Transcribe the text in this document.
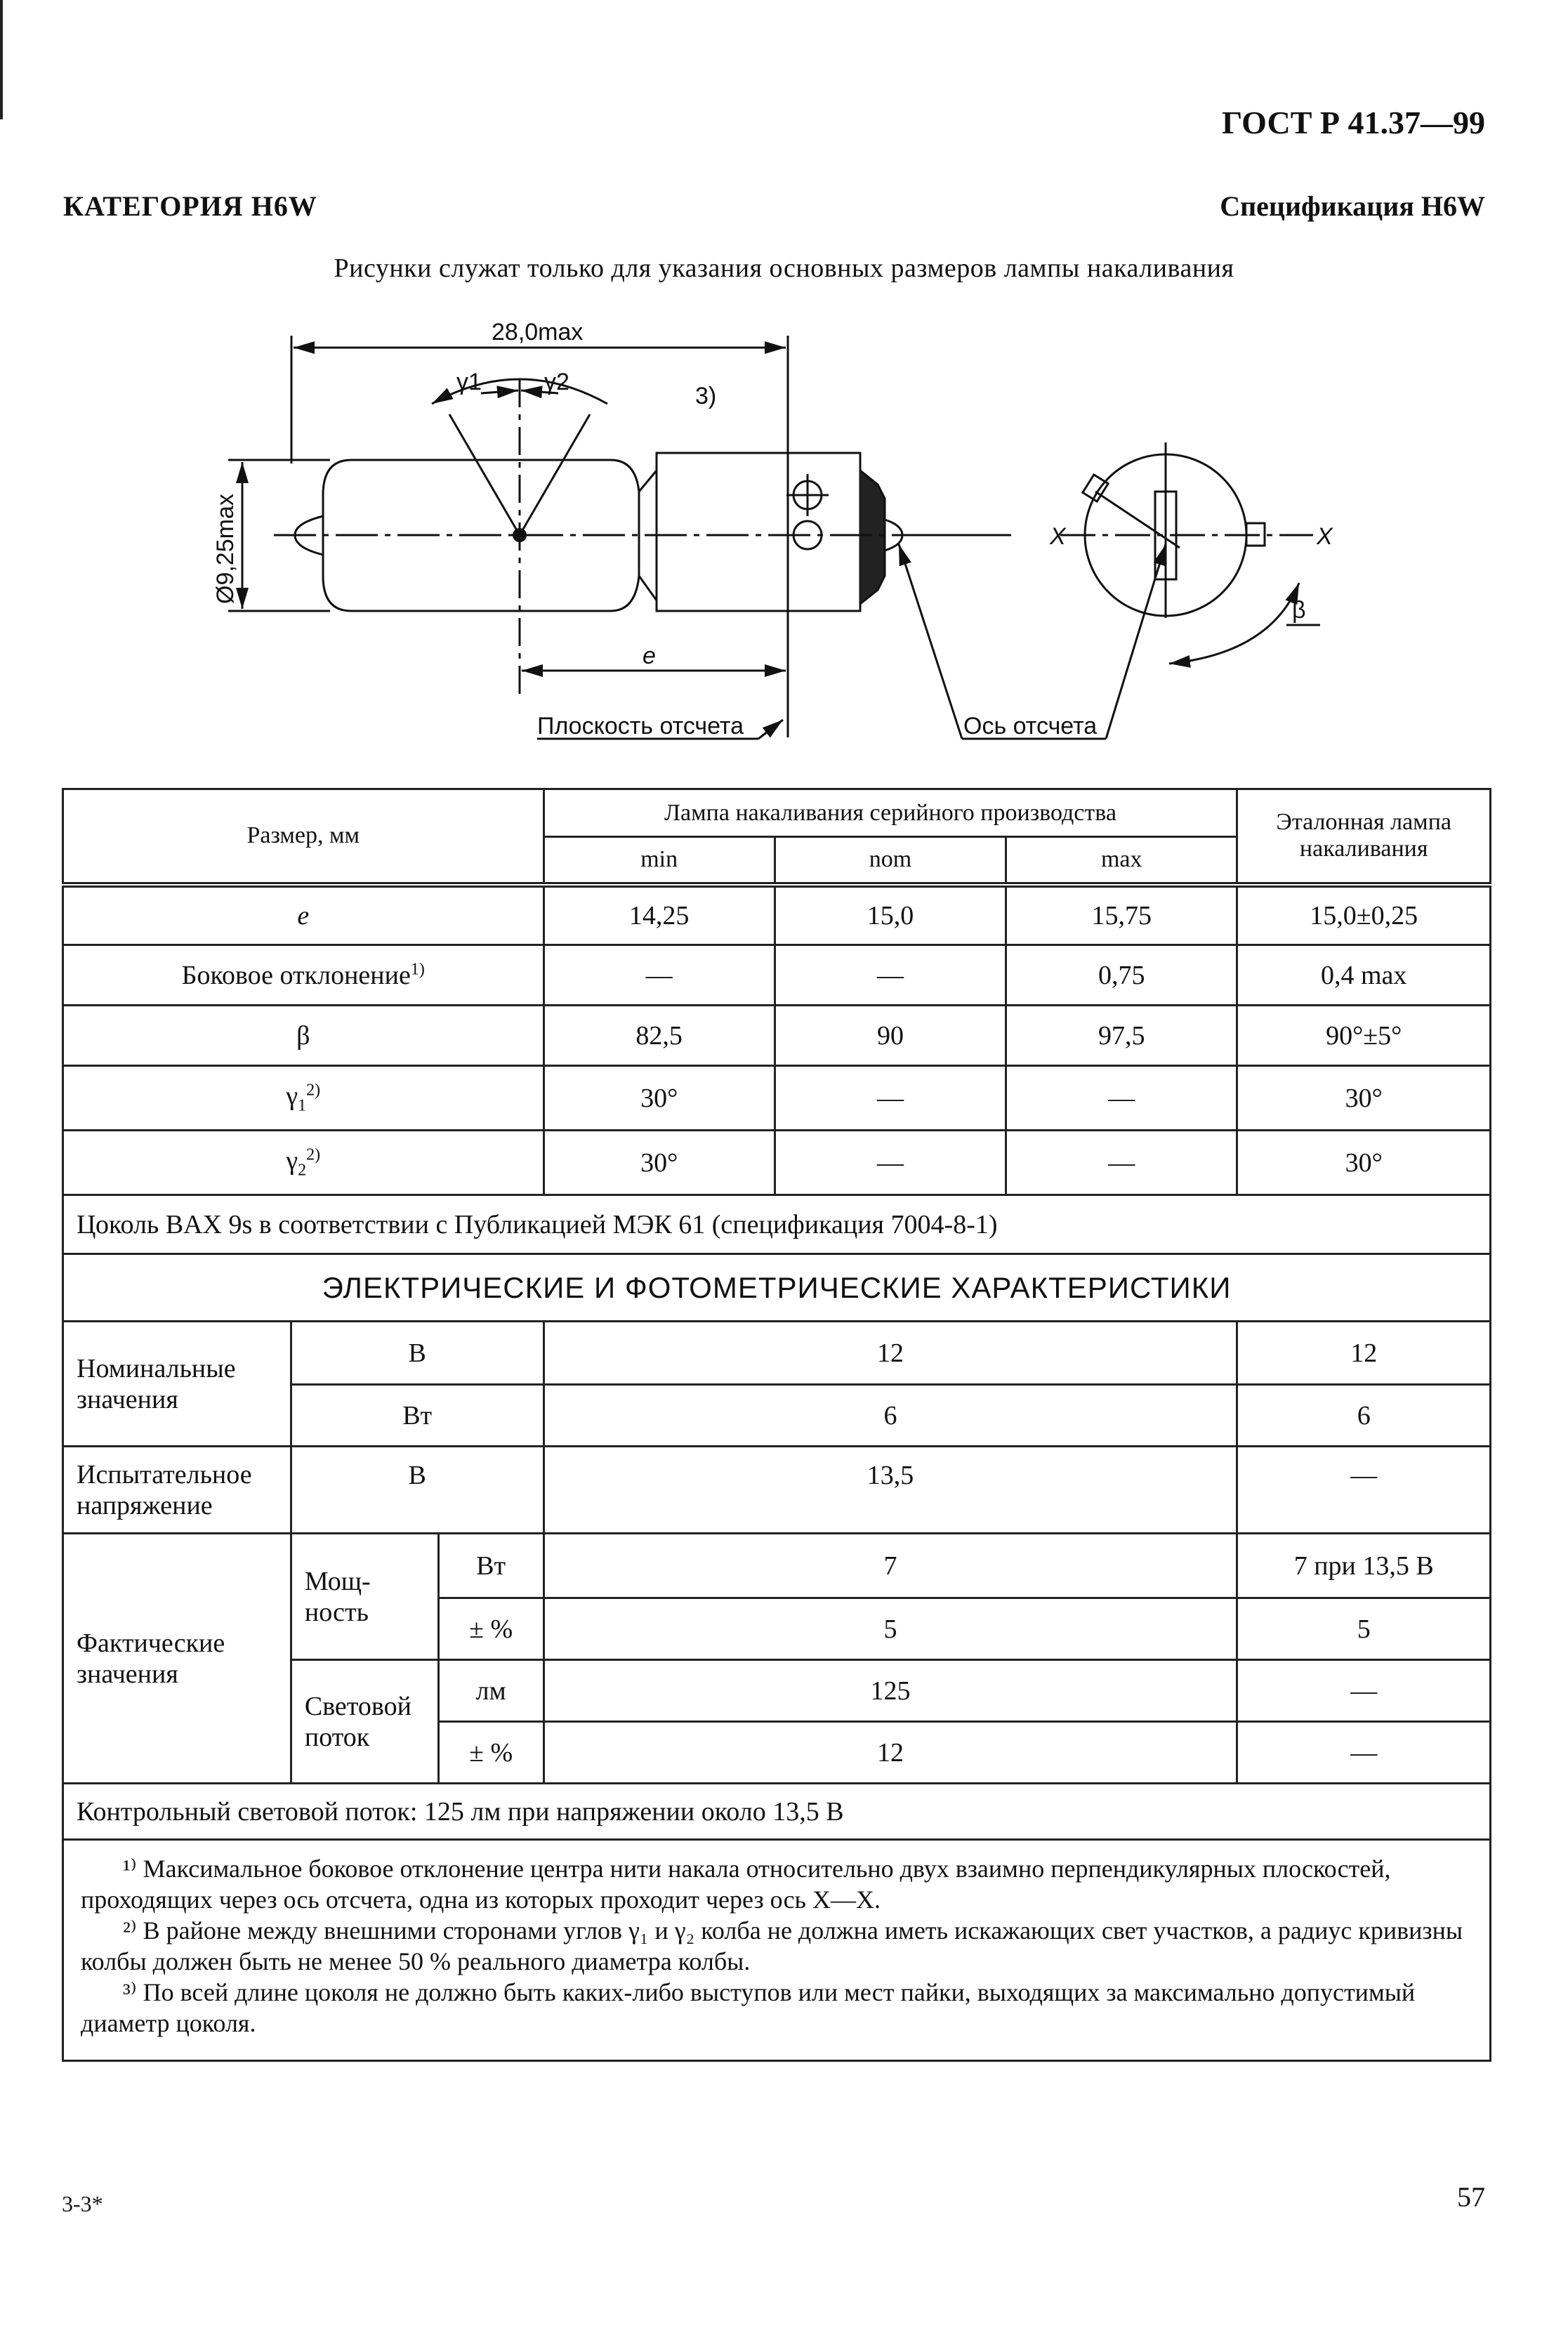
ГОСТ Р 41.37—99
КАТЕГОРИЯ H6W	Спецификация H6W
Рисунки служат только для указания основных размеров лампы накаливания
28,0max
γ1	γ2
3)
e
Плоскость отсчета	Ось отсчета
X	X
β
Ø9,25max
Размер, мм			Лампа накаливания серийного производства			Эталонная лампа накаливания
			min	nom	max	
e			14,25	15,0	15,75	15,0±0,25
Боковое отклонение$^{1)}$			—	—	0,75	0,4 max
β			82,5	90	97,5	90°±5°
$\gamma_1^{2)}$			30°	—	—	30°
$\gamma_2^{2)}$			30°	—	—	30°
Цоколь BAX 9s в соответствии с Публикацией МЭК 61 (спецификация 7004-8-1)						
ЭЛЕКТРИЧЕСКИЕ И ФОТОМЕТРИЧЕСКИЕ ХАРАКТЕРИСТИКИ						
Номинальные значения	В		12			12
	Вт		6			6
Испытательное напряжение	В		13,5			—
Фактические значения	Мощ-ность	Вт	7			7 при 13,5 В
		± %	5			5
	Световой поток	лм	125			—
		± %	12			—
Контрольный световой поток: 125 лм при напряжении около 13,5 В						

¹⁾ Максимальное боковое отклонение центра нити накала относительно двух взаимно перпендикулярных плоскостей, проходящих через ось отсчета, одна из которых проходит через ось X—X.

²⁾ В районе между внешними сторонами углов γ₁ и γ₂ колба не должна иметь искажающих свет участков, а радиус кривизны колбы должен быть не менее 50 % реального диаметра колбы.

³⁾ По всей длине цоколя не должно быть каких-либо выступов или мест пайки, выходящих за максимально допустимый диаметр цоколя.						

3-3*	57
